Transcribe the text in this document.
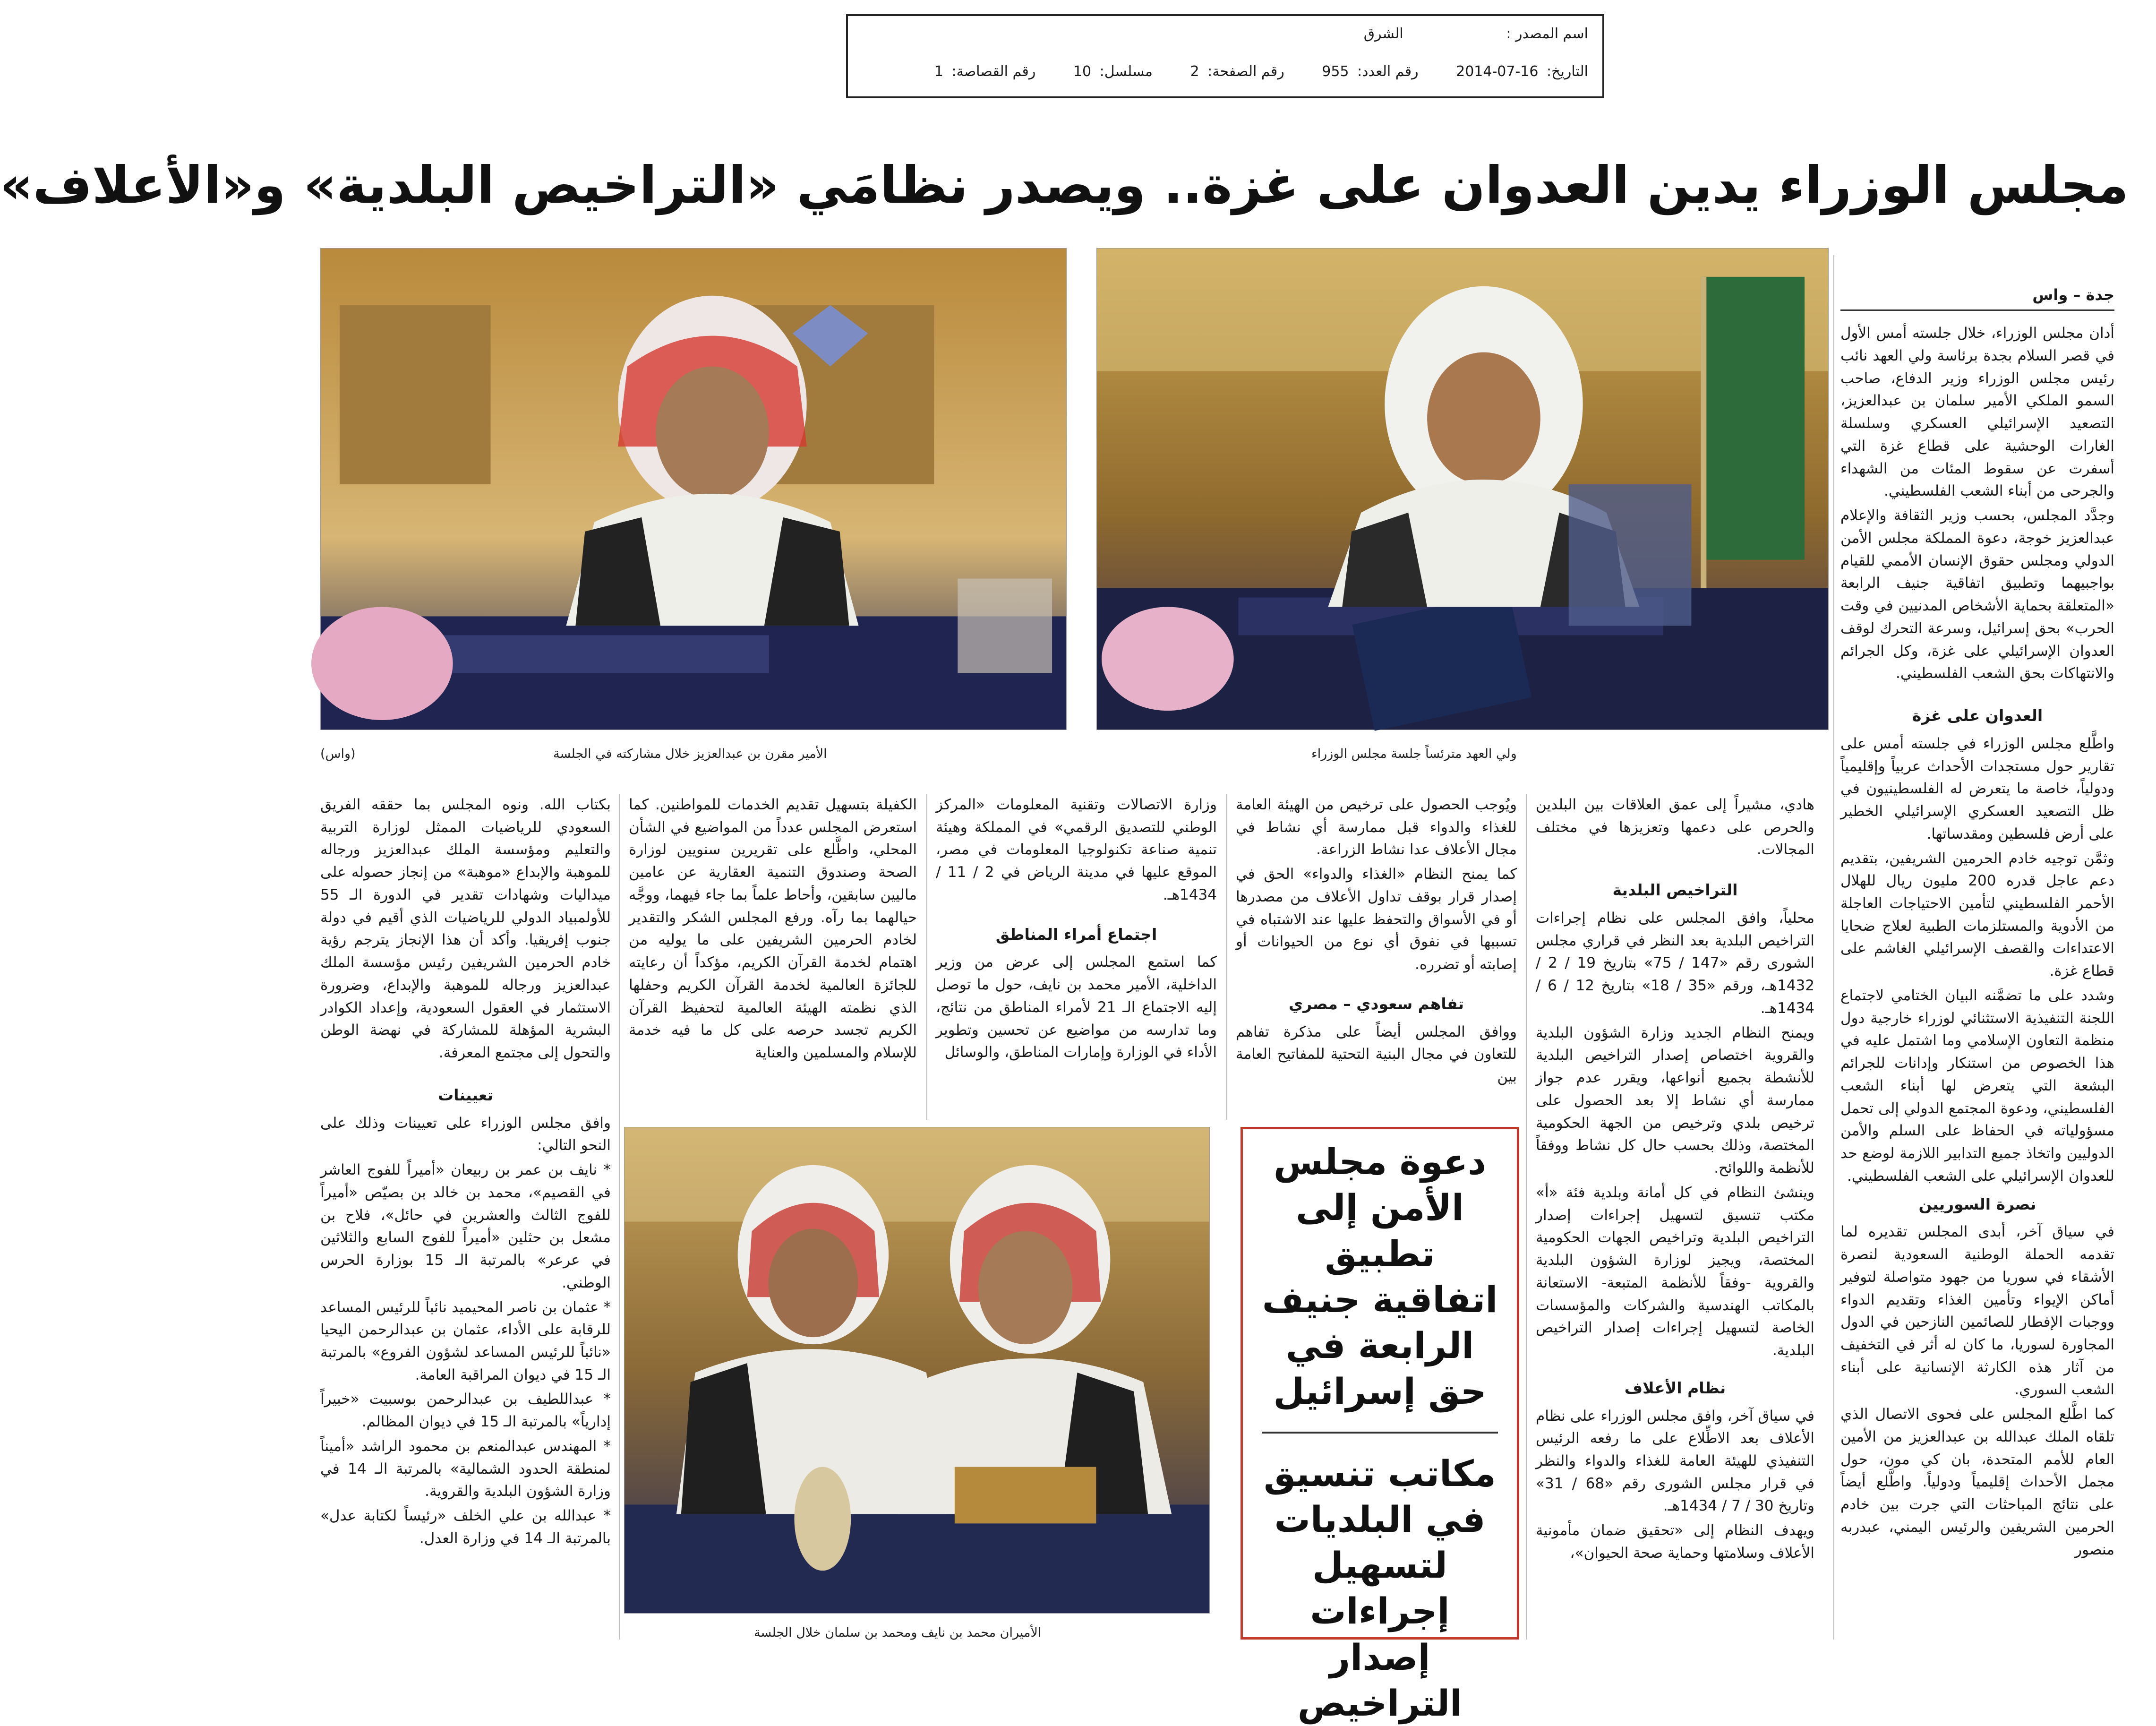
اسم المصدر : الشرق
التاريخ: 2014-07-16 رقم العدد: 955 رقم الصفحة: 2 مسلسل: 10 رقم القصاصة: 1
مجلس الوزراء يدين العدوان على غزة.. ويصدر نظامَي «التراخيص البلدية» و«الأعلاف»
ولي العهد مترئساً جلسة مجلس الوزراء
الأمير مقرن بن عبدالعزيز خلال مشاركته في الجلسة
(واس)
الأميران محمد بن نايف ومحمد بن سلمان خلال الجلسة
دعوة مجلس الأمن إلى تطبيق اتفاقية جنيف الرابعة في حق إسرائيل
مكاتب تنسيق في البلديات لتسهيل إجراءات إصدار التراخيص
جدة – واس

أدان مجلس الوزراء، خلال جلسته أمس الأول في قصر السلام بجدة برئاسة ولي العهد نائب رئيس مجلس الوزراء وزير الدفاع، صاحب السمو الملكي الأمير سلمان بن عبدالعزيز، التصعيد الإسرائيلي العسكري وسلسلة الغارات الوحشية على قطاع غزة التي أسفرت عن سقوط المئات من الشهداء والجرحى من أبناء الشعب الفلسطيني.

وجدَّد المجلس، بحسب وزير الثقافة والإعلام عبدالعزيز خوجة، دعوة المملكة مجلس الأمن الدولي ومجلس حقوق الإنسان الأممي للقيام بواجبيهما وتطبيق اتفاقية جنيف الرابعة «المتعلقة بحماية الأشخاص المدنيين في وقت الحرب» بحق إسرائيل، وسرعة التحرك لوقف العدوان الإسرائيلي على غزة، وكل الجرائم والانتهاكات بحق الشعب الفلسطيني.

العدوان على غزة

واطَّلع مجلس الوزراء في جلسته أمس على تقارير حول مستجدات الأحداث عربياً وإقليمياً ودولياً، خاصة ما يتعرض له الفلسطينيون في ظل التصعيد العسكري الإسرائيلي الخطير على أرض فلسطين ومقدساتها.

وثمَّن توجيه خادم الحرمين الشريفين، بتقديم دعم عاجل قدره 200 مليون ريال للهلال الأحمر الفلسطيني لتأمين الاحتياجات العاجلة من الأدوية والمستلزمات الطبية لعلاج ضحايا الاعتداءات والقصف الإسرائيلي الغاشم على قطاع غزة.

وشدد على ما تضمَّنه البيان الختامي لاجتماع اللجنة التنفيذية الاستثنائي لوزراء خارجية دول منظمة التعاون الإسلامي وما اشتمل عليه في هذا الخصوص من استنكار وإدانات للجرائم البشعة التي يتعرض لها أبناء الشعب الفلسطيني، ودعوة المجتمع الدولي إلى تحمل مسؤولياته في الحفاظ على السلم والأمن الدوليين واتخاذ جميع التدابير اللازمة لوضع حد للعدوان الإسرائيلي على الشعب الفلسطيني.

نصرة السوريين

في سياق آخر، أبدى المجلس تقديره لما تقدمه الحملة الوطنية السعودية لنصرة الأشقاء في سوريا من جهود متواصلة لتوفير أماكن الإيواء وتأمين الغذاء وتقديم الدواء ووجبات الإفطار للصائمين النازحين في الدول المجاورة لسوريا، ما كان له أثر في التخفيف من آثار هذه الكارثة الإنسانية على أبناء الشعب السوري.

كما اطَّلع المجلس على فحوى الاتصال الذي تلقاه الملك عبدالله بن عبدالعزيز من الأمين العام للأمم المتحدة، بان كي مون، حول مجمل الأحداث إقليمياً ودولياً. واطَّلع أيضاً على نتائج المباحثات التي جرت بين خادم الحرمين الشريفين والرئيس اليمني، عبدربه منصور

هادي، مشيراً إلى عمق العلاقات بين البلدين والحرص على دعمها وتعزيزها في مختلف المجالات.

التراخيص البلدية

محلياً، وافق المجلس على نظام إجراءات التراخيص البلدية بعد النظر في قراري مجلس الشورى رقم «147 / 75» بتاريخ 19 / 2 / 1432هـ، ورقم «35 / 18» بتاريخ 12 / 6 / 1434هـ.

ويمنح النظام الجديد وزارة الشؤون البلدية والقروية اختصاص إصدار التراخيص البلدية للأنشطة بجميع أنواعها، ويقرر عدم جواز ممارسة أي نشاط إلا بعد الحصول على ترخيص بلدي وترخيص من الجهة الحكومية المختصة، وذلك بحسب حال كل نشاط ووفقاً للأنظمة واللوائح.

وينشئ النظام في كل أمانة وبلدية فئة «أ» مكتب تنسيق لتسهيل إجراءات إصدار التراخيص البلدية وتراخيص الجهات الحكومية المختصة، ويجيز لوزارة الشؤون البلدية والقروية -وفقاً للأنظمة المتبعة- الاستعانة بالمكاتب الهندسية والشركات والمؤسسات الخاصة لتسهيل إجراءات إصدار التراخيص البلدية.

نظام الأعلاف

في سياق آخر، وافق مجلس الوزراء على نظام الأعلاف بعد الاطِّلاع على ما رفعه الرئيس التنفيذي للهيئة العامة للغذاء والدواء والنظر في قرار مجلس الشورى رقم «68 / 31» وتاريخ 30 / 7 / 1434هـ.

ويهدف النظام إلى «تحقيق ضمان مأمونية الأعلاف وسلامتها وحماية صحة الحيوان»،

ويُوجب الحصول على ترخيص من الهيئة العامة للغذاء والدواء قبل ممارسة أي نشاط في مجال الأعلاف عدا نشاط الزراعة.

كما يمنح النظام «الغذاء والدواء» الحق في إصدار قرار بوقف تداول الأعلاف من مصدرها أو في الأسواق والتحفظ عليها عند الاشتباه في تسببها في نفوق أي نوع من الحيوانات أو إصابته أو تضرره.

تفاهم سعودي – مصري

ووافق المجلس أيضاً على مذكرة تفاهم للتعاون في مجال البنية التحتية للمفاتيح العامة بين

وزارة الاتصالات وتقنية المعلومات «المركز الوطني للتصديق الرقمي» في المملكة وهيئة تنمية صناعة تكنولوجيا المعلومات في مصر، الموقع عليها في مدينة الرياض في 2 / 11 / 1434هـ.

اجتماع أمراء المناطق

كما استمع المجلس إلى عرض من وزير الداخلية، الأمير محمد بن نايف، حول ما توصل إليه الاجتماع الـ 21 لأمراء المناطق من نتائج، وما تدارسه من مواضيع عن تحسين وتطوير الأداء في الوزارة وإمارات المناطق، والوسائل

الكفيلة بتسهيل تقديم الخدمات للمواطنين. كما استعرض المجلس عدداً من المواضيع في الشأن المحلي، واطَّلع على تقريرين سنويين لوزارة الصحة وصندوق التنمية العقارية عن عامين ماليين سابقين، وأحاط علماً بما جاء فيهما، ووجَّه حيالهما بما رآه. ورفع المجلس الشكر والتقدير لخادم الحرمين الشريفين على ما يوليه من اهتمام لخدمة القرآن الكريم، مؤكداً أن رعايته للجائزة العالمية لخدمة القرآن الكريم وحفلها الذي نظمته الهيئة العالمية لتحفيظ القرآن الكريم تجسد حرصه على كل ما فيه خدمة للإسلام والمسلمين والعناية

بكتاب الله. ونوه المجلس بما حققه الفريق السعودي للرياضيات الممثل لوزارة التربية والتعليم ومؤسسة الملك عبدالعزيز ورجاله للموهبة والإبداع «موهبة» من إنجاز حصوله على ميداليات وشهادات تقدير في الدورة الـ 55 للأولمبياد الدولي للرياضيات الذي أقيم في دولة جنوب إفريقيا. وأكد أن هذا الإنجاز يترجم رؤية خادم الحرمين الشريفين رئيس مؤسسة الملك عبدالعزيز ورجاله للموهبة والإبداع، وضرورة الاستثمار في العقول السعودية، وإعداد الكوادر البشرية المؤهلة للمشاركة في نهضة الوطن والتحول إلى مجتمع المعرفة.

تعيينات

وافق مجلس الوزراء على تعيينات وذلك على النحو التالي:

* نايف بن عمر بن ربيعان «أميراً للفوج العاشر في القصيم»، محمد بن خالد بن بصيّص «أميراً للفوج الثالث والعشرين في حائل»، فلاح بن مشعل بن حثلين «أميراً للفوج السابع والثلاثين في عرعر» بالمرتبة الـ 15 بوزارة الحرس الوطني.

* عثمان بن ناصر المحيميد نائباً للرئيس المساعد للرقابة على الأداء، عثمان بن عبدالرحمن اليحيا «نائباً للرئيس المساعد لشؤون الفروع» بالمرتبة الـ 15 في ديوان المراقبة العامة.

* عبداللطيف بن عبدالرحمن بوسبيت «خبيراً إدارياً» بالمرتبة الـ 15 في ديوان المظالم.

* المهندس عبدالمنعم بن محمود الراشد «أميناً لمنطقة الحدود الشمالية» بالمرتبة الـ 14 في وزارة الشؤون البلدية والقروية.

* عبدالله بن علي الخلف «رئيساً لكتابة عدل» بالمرتبة الـ 14 في وزارة العدل.
